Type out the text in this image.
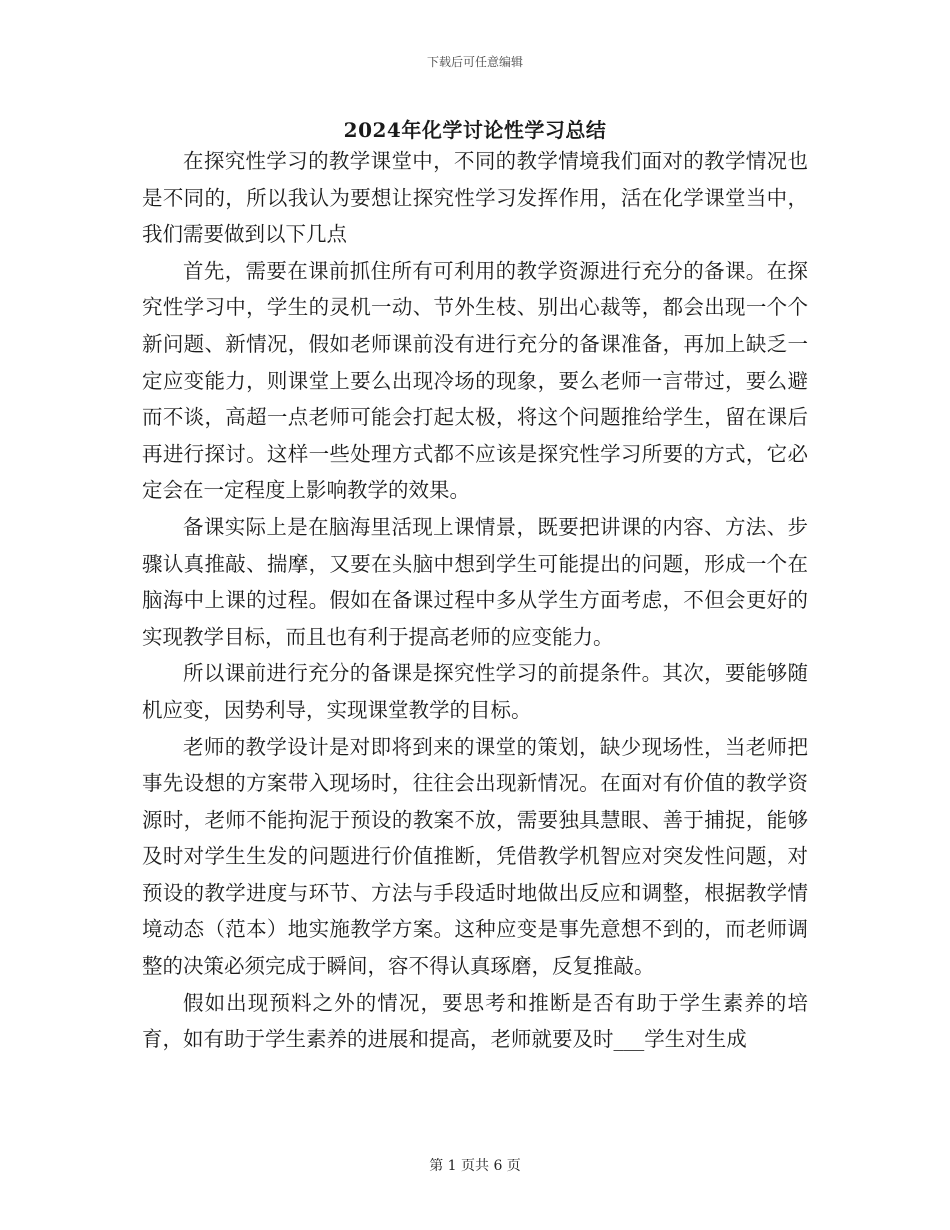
下载后可任意编辑
2024年化学讨论性学习总结

在探究性学习的教学课堂中，不同的教学情境我们面对的教学情况也是不同的，所以我认为要想让探究性学习发挥作用，活在化学课堂当中，我们需要做到以下几点

首先，需要在课前抓住所有可利用的教学资源进行充分的备课。在探究性学习中，学生的灵机一动、节外生枝、别出心裁等，都会出现一个个新问题、新情况，假如老师课前没有进行充分的备课准备，再加上缺乏一定应变能力，则课堂上要么出现冷场的现象，要么老师一言带过，要么避而不谈，高超一点老师可能会打起太极，将这个问题推给学生，留在课后再进行探讨。这样一些处理方式都不应该是探究性学习所要的方式，它必定会在一定程度上影响教学的效果。

备课实际上是在脑海里活现上课情景，既要把讲课的内容、方法、步骤认真推敲、揣摩，又要在头脑中想到学生可能提出的问题，形成一个在脑海中上课的过程。假如在备课过程中多从学生方面考虑，不但会更好的实现教学目标，而且也有利于提高老师的应变能力。

所以课前进行充分的备课是探究性学习的前提条件。其次，要能够随机应变，因势利导，实现课堂教学的目标。

老师的教学设计是对即将到来的课堂的策划，缺少现场性，当老师把事先设想的方案带入现场时，往往会出现新情况。在面对有价值的教学资源时，老师不能拘泥于预设的教案不放，需要独具慧眼、善于捕捉，能够及时对学生生发的问题进行价值推断，凭借教学机智应对突发性问题，对预设的教学进度与环节、方法与手段适时地做出反应和调整，根据教学情境动态（范本）地实施教学方案。这种应变是事先意想不到的，而老师调整的决策必须完成于瞬间，容不得认真琢磨，反复推敲。

假如出现预料之外的情况，要思考和推断是否有助于学生素养的培育，如有助于学生素养的进展和提高，老师就要及时___学生对生成

第 1 页共 6 页
